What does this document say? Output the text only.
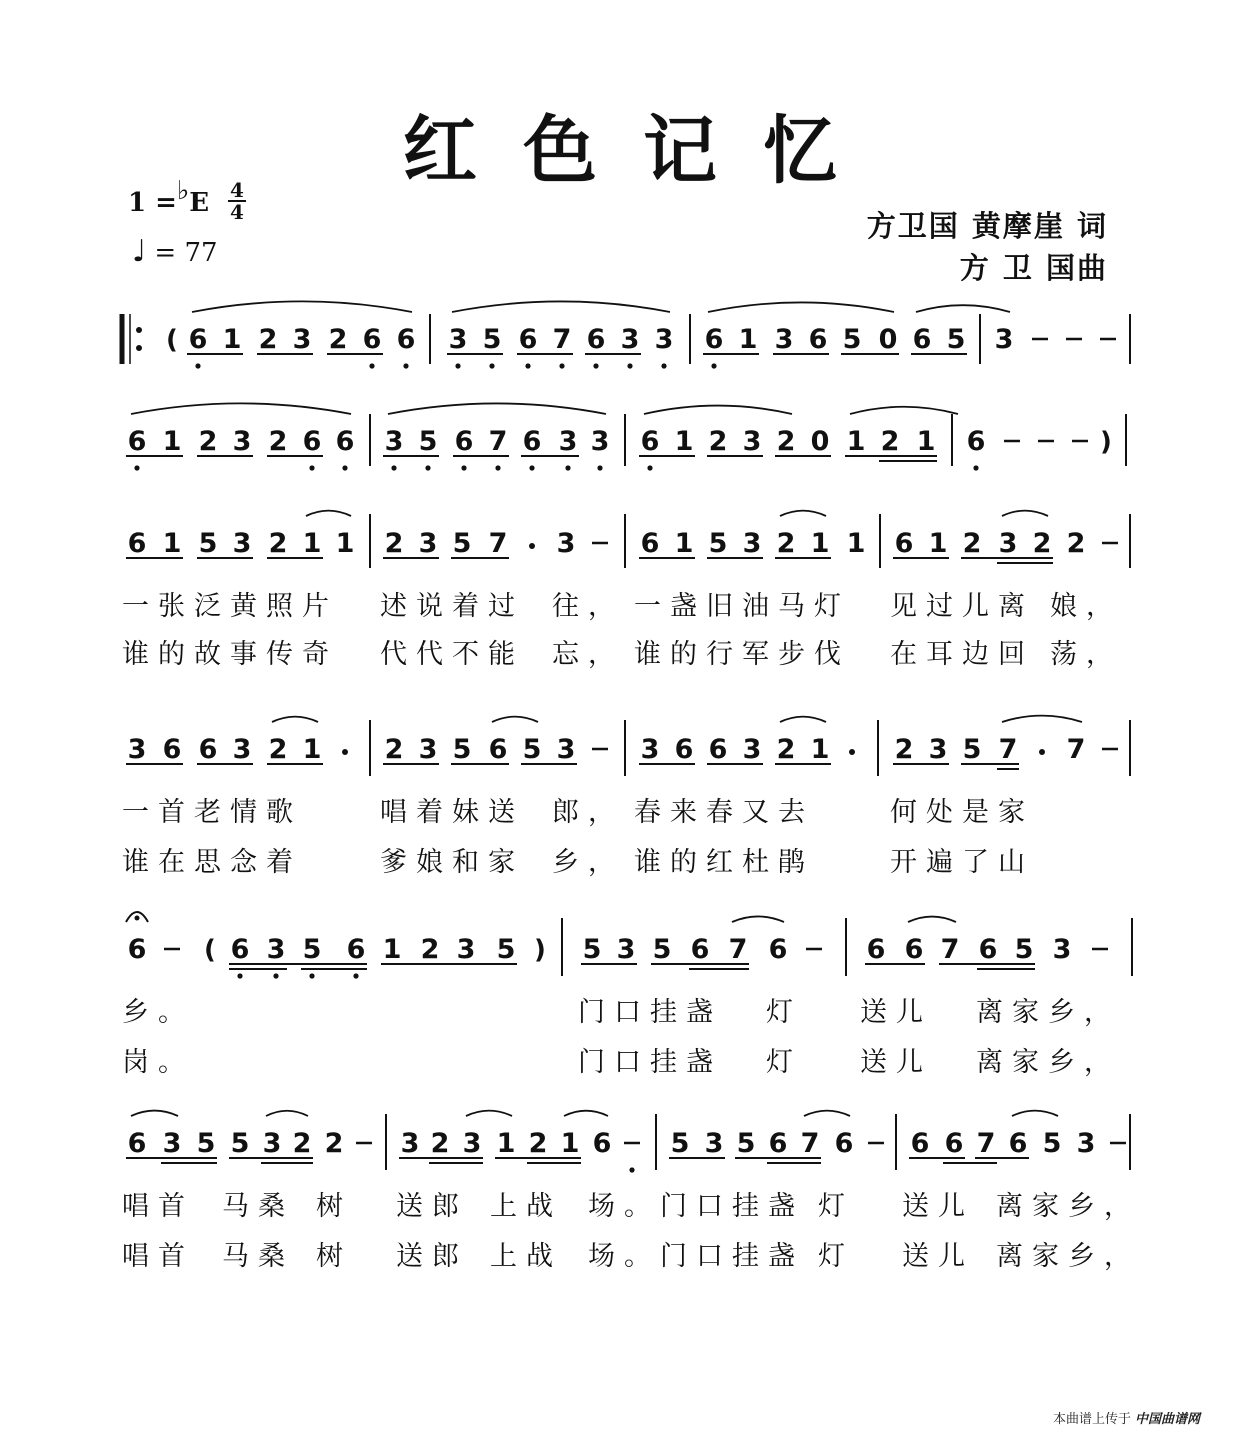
红色记忆
1 =♭E 4
4
♩ = 77
方卫国 黄摩崖 词
方 卫 国曲
6 1 2 3 2 6 6 3 5 6 7 6 3 3 6 1 3 6 5 0 6 5 3
6 1 2 3 2 6 6 3 5 6 7 6 3 3 6 1 2 3 2 0 1 2 1 6
6 1 5 3 2 1 1 2 3 5 7 3 6 1 5 3 2 1 1 6 1 2 3 2 2
3 6 6 3 2 1 2 3 5 6 5 3 3 6 6 3 2 1 2 3 5 7 7
6 ( 6 3 5 6 1 2 3 5 ) 5 3 5 6 7 6	6 6 7 6 5 3
6 3 5 5 3 2 2 3 2 3 1 2 1 6 5 3 5 6 7 6 6 6 7 6 5 3
(
)
一张泛黄照片 述说着过 往， 一盏旧油马灯 见过儿离 娘，
谁的故事传奇 代代不能 忘， 谁的行军步伐 在耳边回 荡，
一首老情歌	唱着妹送 郎， 春来春又去	何处是家
谁在思念着	爹娘和家 乡， 谁的红杜鹃	开遍了山
乡。	门口挂盏 灯 送儿 离家乡，
岗。	门口挂盏 灯 送儿 离家乡，
唱首 马桑 树 送郎 上战 场。门口挂盏 灯 送儿 离家乡，
唱首 马桑 树 送郎 上战 场。门口挂盏 灯 送儿 离家乡，
本曲谱上传于 中国曲谱网
